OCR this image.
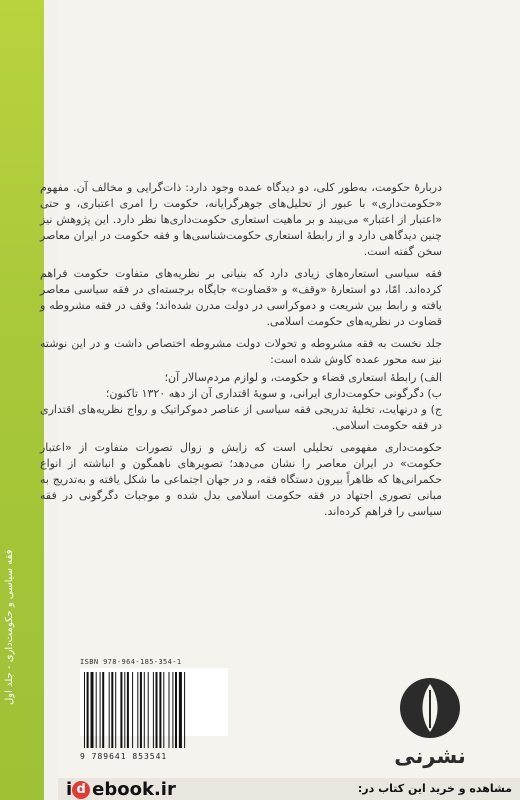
فقه سیاسی و حکومت‌داری - جلد اول

دربارهٔ حکومت، به‌طور کلی، دو دیدگاه عمده وجود دارد: ذات‌گرایی و مخالف آن. مفهوم «حکومت‌داری» با عبور از تحلیل‌های جوهرگرایانه، حکومت را امری اعتباری، و حتی «اعتبار از اعتبار» می‌بیند و بر ماهیت استعاری حکومت‌داری‌ها نظر دارد. این پژوهش نیز چنین دیدگاهی دارد و از رابطهٔ استعاری حکومت‌شناسی‌ها و فقه حکومت در ایران معاصر سخن گفته است.

فقه سیاسی استعاره‌های زیادی دارد که بنیانی بر نظریه‌های متفاوت حکومت فراهم کرده‌اند. امّا، دو استعارهٔ «وقف» و «قضاوت» جایگاه برجسته‌ای در فقه سیاسی معاصر یافته و رابط بین شریعت و دموکراسی در دولت مدرن شده‌اند؛ وقف در فقه مشروطه و قضاوت در نظریه‌های حکومت اسلامی.

جلد نخست به فقه مشروطه و تحولات دولت مشروطه اختصاص داشت و در این نوشته نیز سه محور عمده کاوش شده است:

الف) رابطهٔ استعاری قضاء و حکومت، و لوازم مردم‌سالار آن؛

ب) دگرگونی حکومت‌داری ایرانی، و سویهٔ اقتداری آن از دهه ۱۳۲۰ تاکنون؛

ج) و درنهایت، تخلیهٔ تدریجی فقه سیاسی از عناصر دموکراتیک و رواج نظریه‌های اقتداری در فقه حکومت اسلامی.

حکومت‌داری مفهومی تحلیلی است که زایش و زوال تصورات متفاوت از «اعتبار حکومت» در ایران معاصر را نشان می‌دهد؛ تصویرهای ناهمگون و انباشته از انواع حکمرانی‌ها که ظاهراً بیرون دستگاه فقه، و در جهان اجتماعی ما شکل یافته و به‌تدریج به مبانی تصوری اجتهاد در فقه حکومت اسلامی بدل شده و موجبات دگرگونی در فقه سیاسی را فراهم کرده‌اند.

ISBN 978-964-185-354-1
9 789641 853541	نشرنی
i d ebook.ir	مشاهده و خرید این کتاب در:
